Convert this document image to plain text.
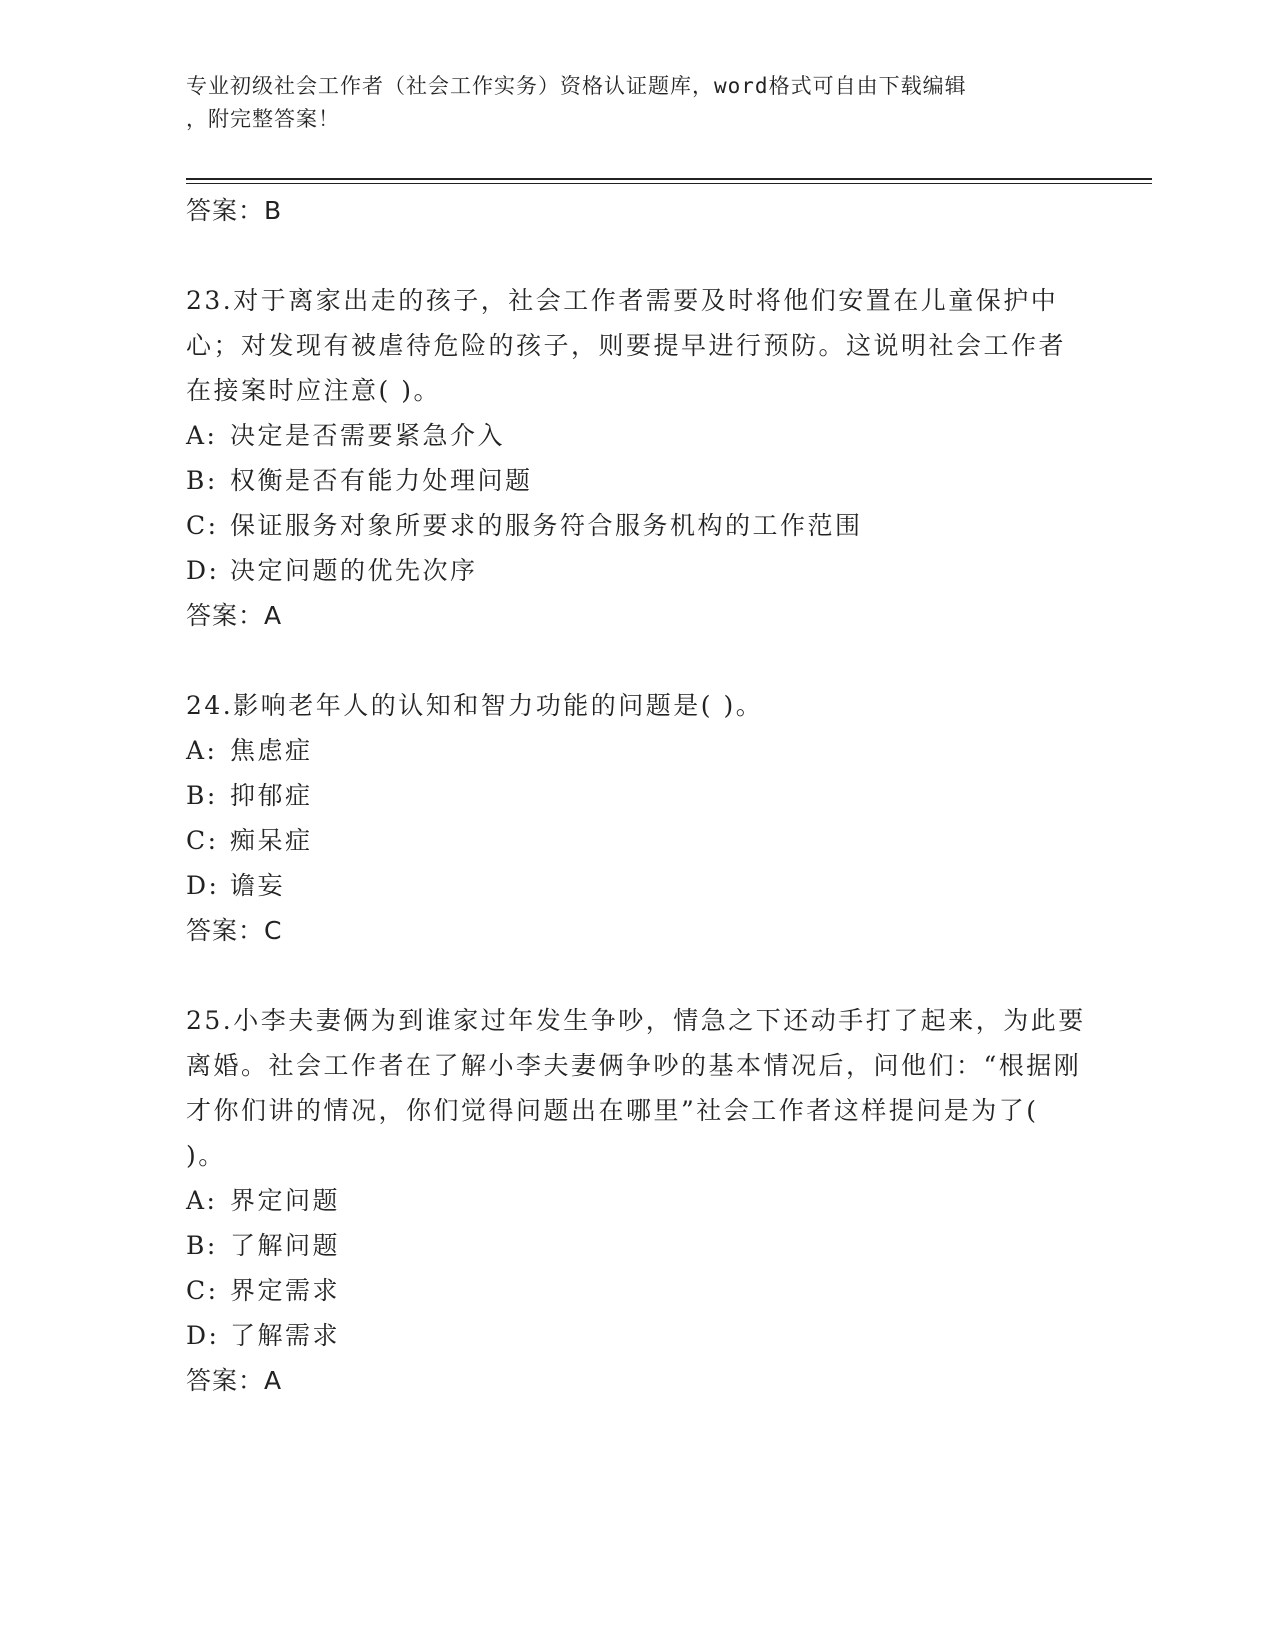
专业初级社会工作者（社会工作实务）资格认证题库，word格式可自由下载编辑
，附完整答案！
答案：B

23.对于离家出走的孩子，社会工作者需要及时将他们安置在儿童保护中心；对发现有被虐待危险的孩子，则要提早进行预防。这说明社会工作者在接案时应注意( )。

A: 决定是否需要紧急介入
B: 权衡是否有能力处理问题
C: 保证服务对象所要求的服务符合服务机构的工作范围
D: 决定问题的优先次序
答案：A

24.影响老年人的认知和智力功能的问题是( )。

A: 焦虑症
B: 抑郁症
C: 痴呆症
D: 谵妄
答案：C

25.小李夫妻俩为到谁家过年发生争吵，情急之下还动手打了起来，为此要离婚。社会工作者在了解小李夫妻俩争吵的基本情况后，问他们：“根据刚才你们讲的情况，你们觉得问题出在哪里”社会工作者这样提问是为了( )。

A: 界定问题
B: 了解问题
C: 界定需求
D: 了解需求
答案：A
